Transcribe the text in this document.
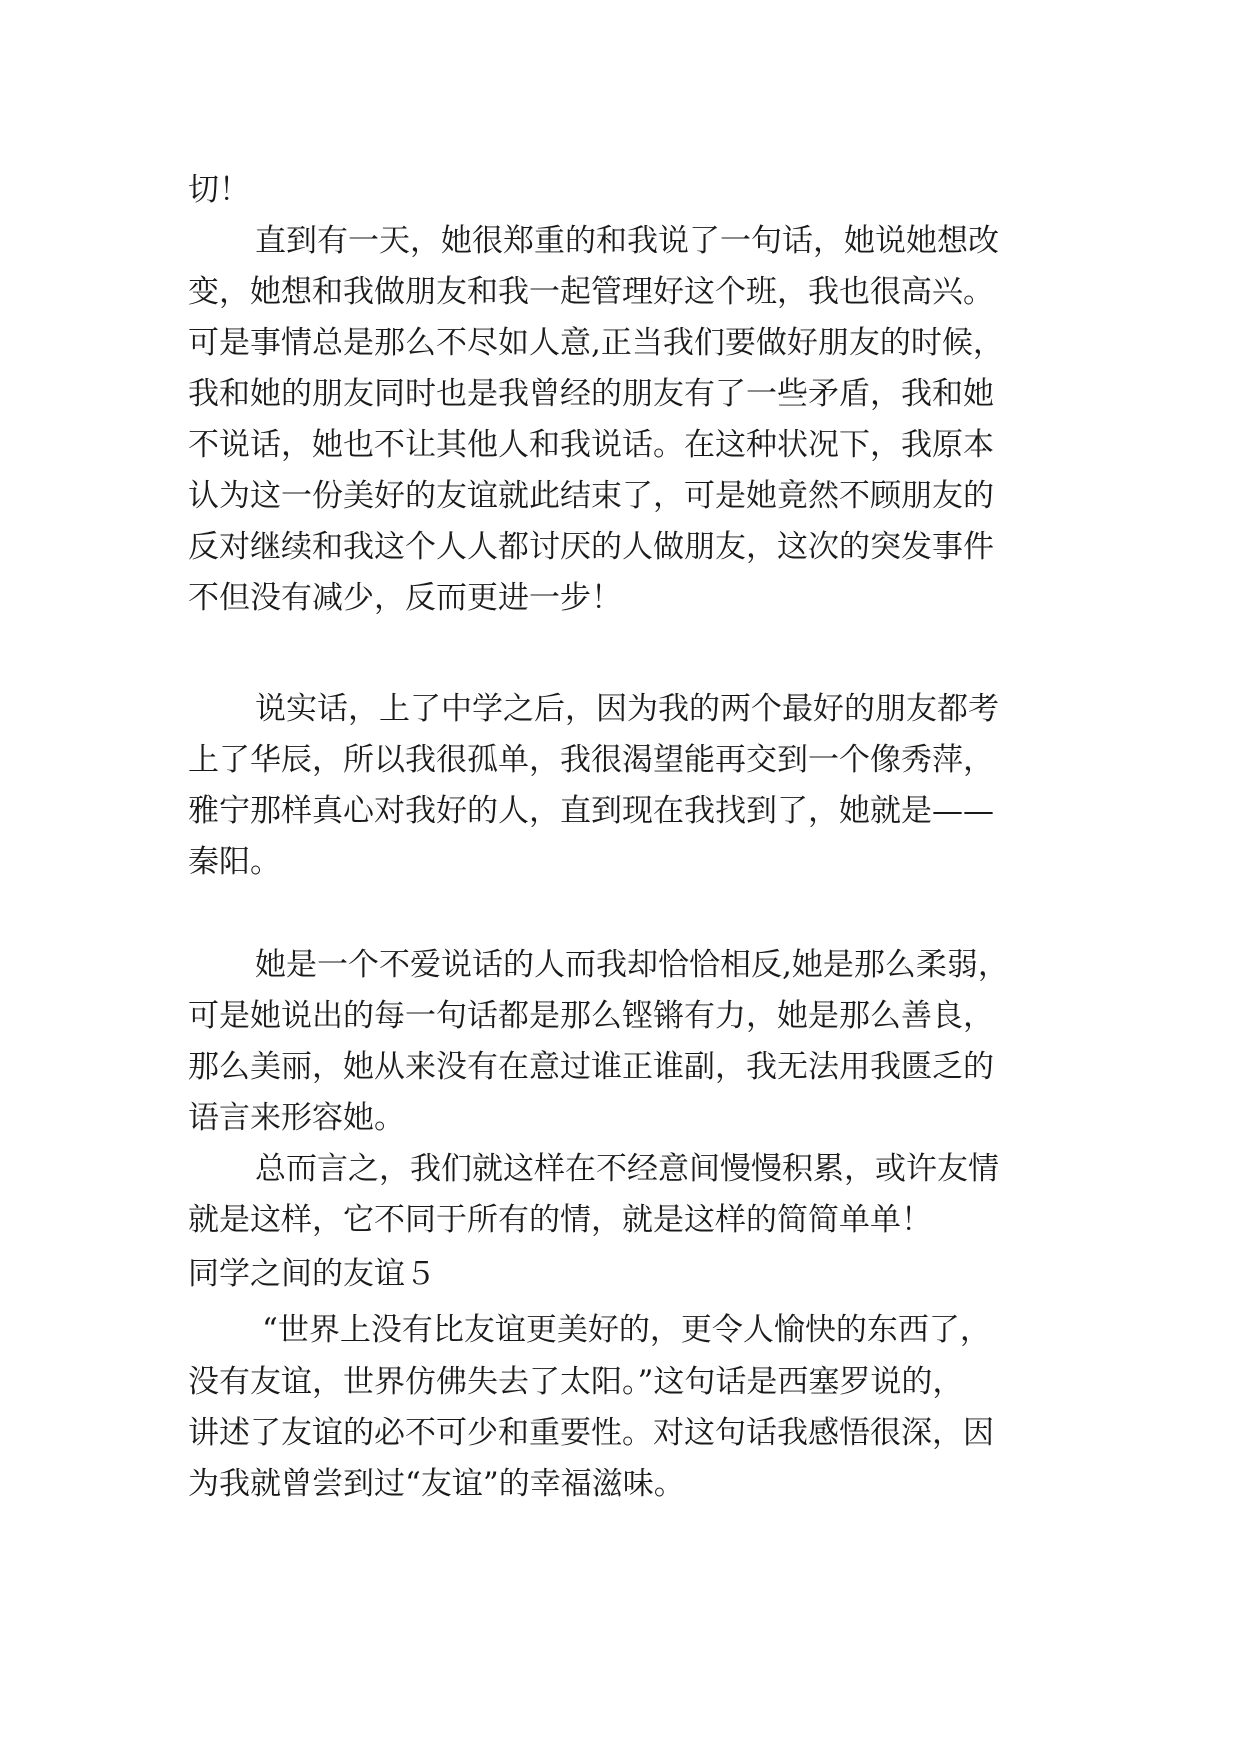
切！
直到有一天，她很郑重的和我说了一句话，她说她想改
变，她想和我做朋友和我一起管理好这个班，我也很高兴。
可是事情总是那么不尽如人意,正当我们要做好朋友的时候，
我和她的朋友同时也是我曾经的朋友有了一些矛盾，我和她
不说话，她也不让其他人和我说话。在这种状况下，我原本
认为这一份美好的友谊就此结束了，可是她竟然不顾朋友的
反对继续和我这个人人都讨厌的人做朋友，这次的突发事件
不但没有减少，反而更进一步！
说实话，上了中学之后，因为我的两个最好的朋友都考
上了华辰，所以我很孤单，我很渴望能再交到一个像秀萍，
雅宁那样真心对我好的人，直到现在我找到了，她就是——
秦阳。
她是一个不爱说话的人而我却恰恰相反,她是那么柔弱，
可是她说出的每一句话都是那么铿锵有力，她是那么善良，
那么美丽，她从来没有在意过谁正谁副，我无法用我匮乏的
语言来形容她。
总而言之，我们就这样在不经意间慢慢积累，或许友情
就是这样，它不同于所有的情，就是这样的简简单单！
同学之间的友谊５
“世界上没有比友谊更美好的，更令人愉快的东西了，
没有友谊，世界仿佛失去了太阳。”这句话是西塞罗说的，
讲述了友谊的必不可少和重要性。对这句话我感悟很深，因
为我就曾尝到过“友谊”的幸福滋味。
